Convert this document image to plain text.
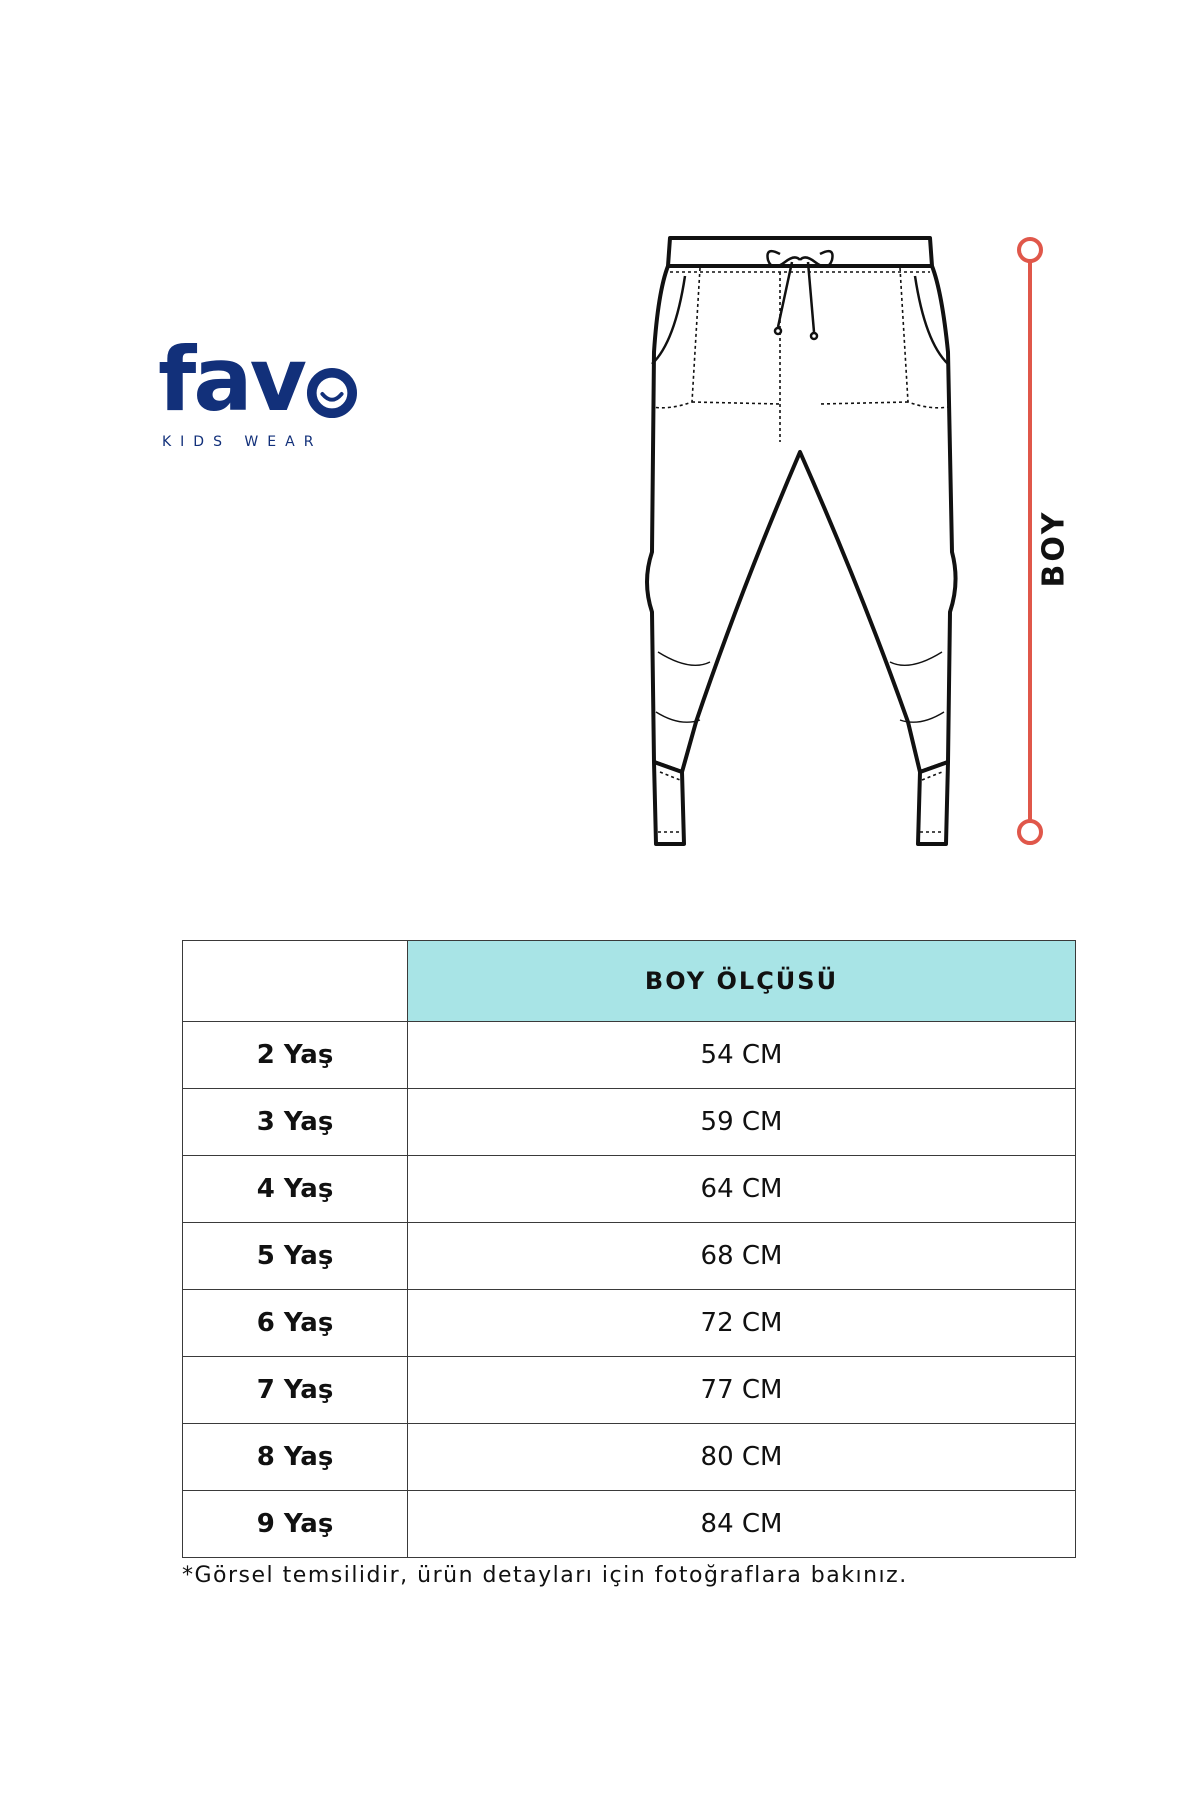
fav
KIDS WEAR
BOY
	BOY ÖLÇÜSÜ
2 Yaş	54 CM
3 Yaş	59 CM
4 Yaş	64 CM
5 Yaş	68 CM
6 Yaş	72 CM
7 Yaş	77 CM
8 Yaş	80 CM
9 Yaş	84 CM
*Görsel temsilidir, ürün detayları için fotoğraflara bakınız.
